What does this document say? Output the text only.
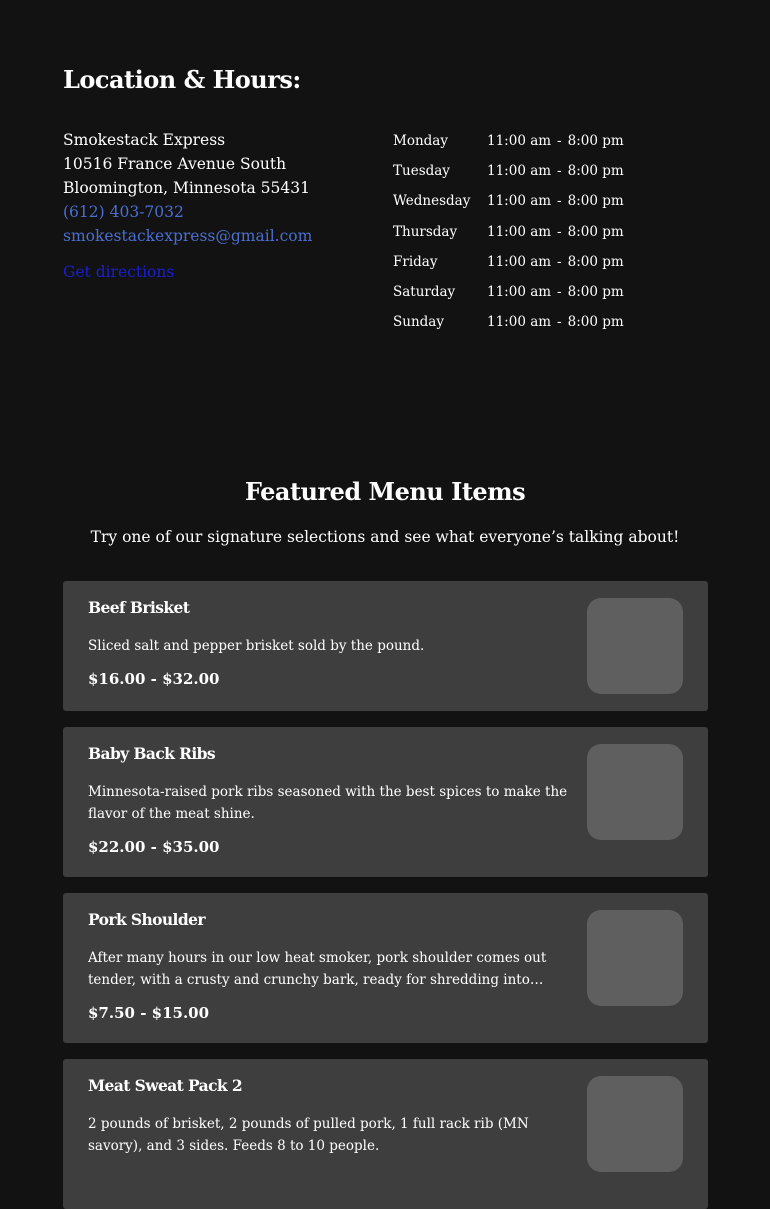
Location & Hours:
Smokestack Express
10516 France Avenue South
Bloomington, Minnesota 55431
(612) 403-7032
smokestackexpress@gmail.com
Get directions
Monday	11:00 am - 8:00 pm
Tuesday	11:00 am - 8:00 pm
Wednesday	11:00 am - 8:00 pm
Thursday	11:00 am - 8:00 pm
Friday	11:00 am - 8:00 pm
Saturday	11:00 am - 8:00 pm
Sunday	11:00 am - 8:00 pm
Featured Menu Items
Try one of our signature selections and see what everyone’s talking about!
Beef Brisket
Sliced salt and pepper brisket sold by the pound.
$16.00 - $32.00
Baby Back Ribs
Minnesota-raised pork ribs seasoned with the best spices to make the flavor of the meat shine.
$22.00 - $35.00
Pork Shoulder
After many hours in our low heat smoker, pork shoulder comes out tender, with a crusty and crunchy bark, ready for shredding into
$7.50 - $15.00
Meat Sweat Pack 2
2 pounds of brisket, 2 pounds of pulled pork, 1 full rack rib (MN savory), and 3 sides. Feeds 8 to 10 people.
